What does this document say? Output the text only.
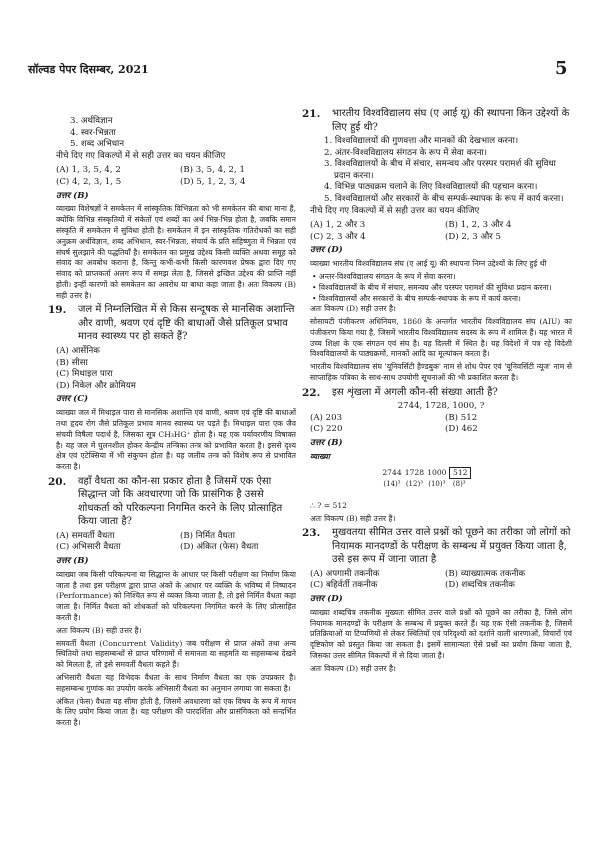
सॉल्वड पेपर दिसम्बर, 2021	5
3. अर्थविज्ञान
4. स्वर-भिन्नता
5. शब्द अभिधान

नीचे दिए गए विकल्पों में से सही उत्तर का चयन कीजिए

(A) 1, 3, 5, 4, 2	(B) 3, 5, 4, 2, 1
(C) 4, 2, 3, 1, 5	(D) 5, 1, 2, 3, 4
उत्तर (B)

व्याख्या विशेषज्ञों ने समकेतन में सांस्कृतिक विभिन्नता को भी समकेतन की बाधा माना है, क्योंकि विभिन्न संस्कृतियों में संकेतों एवं शब्दों का अर्थ भिन्न-भिन्न होता है, जबकि समान संस्कृति में समकेतन में सुविधा होती है। समकेतन में इन सांस्कृतिक गतिरोधकों का सही अनुक्रम अर्थविज्ञान, शब्द अभिधान, स्वर-भिन्नता, संचार्य के प्रति सहिष्णुता में भिन्नता एवं संघर्ष सुलझाने की पद्धतियाँ है। समकेतन का प्रमुख उद्देश्य किसी व्यक्ति अथवा समूह को संवाद का अवबोध कराना है, किन्तु कभी-कभी किसी कारणवश प्रेषक द्वारा दिए गए संवाद को प्राप्तकर्ता अलग रूप में समझ लेता है, जिससे इच्छित उद्देश्य की प्राप्ति नहीं होती। इन्हीं कारणों को समकेतन का अवरोध या बाधा कहा जाता है। अतः विकल्प (B) सही उत्तर है।

19.	जल में निम्नलिखित में से किस सन्दूषक से मानसिक अशान्ति और वाणी, श्रवण एवं दृष्टि की बाधाओं जैसे प्रतिकूल प्रभाव मानव स्वास्थ्य पर हो सकते हैं?
(A) आर्सेनिक
(B) सीसा
(C) मिथाइल पारा
(D) निकेल और क्रोमियम
उत्तर (C)

व्याख्या जल में मिथाइल पारा से मानसिक अशान्ति एवं वाणी, श्रवण एवं दृष्टि की बाधाओं तथा हृदय रोग जैसे प्रतिकूल प्रभाव मानव स्वास्थ्य पर पड़ते हैं। मिथाइल पारा एक जैव संचयी विषैला पदार्थ है, जिसका सूत्र CH₃HG⁺ होता है। यह एक पर्यावरणीय विषाक्त है। यह जल में घुलनशील होकर केन्द्रीय तन्त्रिका तन्त्र को प्रभावित करता है। इससे दृश्य क्षेत्र एवं एटेक्सिया में भी संकुचन होता है। यह जलीय तन्त्र को विशेष रूप से प्रभावित करता है।

20.	वहाँ वैधता का कौन-सा प्रकार होता है जिसमें एक ऐसा सिद्धान्त जो कि अवधारणा जो कि प्रासंगिक है उससे शोधकर्ता को परिकल्पना निगमित करने के लिए प्रोत्साहित किया जाता है?
(A) समवर्ती वैधता	(B) निर्मित वैधता
(C) अभिसारी वैधता	(D) अंकित (फेस) वैधता
उत्तर (B)

व्याख्या जब किसी परिकल्पना या सिद्धान्त के आधार पर किसी परीक्षण का निर्माण किया जाता है तथा इस परीक्षण द्वारा प्राप्त अंकों के आधार पर व्यक्ति के भविष्य में निष्पादन (Performance) को निश्चित रूप से व्यक्त किया जाता है, तो इसे निर्मित वैधता कहा जाता है। निर्मित वैधता को शोधकर्ता को परिकल्पना निगमित करने के लिए प्रोत्साहित करती है।

अतः विकल्प (B) सही उत्तर है।

समवर्ती वैधता (Concurrent Validity) जब परीक्षण से प्राप्त अंकों तथा अन्य स्थितियों तथा सहसम्बन्धों से प्राप्त परिणामों में समानता या सहमति या सहसम्बन्ध देखने को मिलता है, तो इसे समवर्ती वैधता कहते हैं।

अभिसारी वैधता यह विभेदक वैधता के साथ निर्माण वैधता का एक उपप्रकार है। सहसम्बन्ध गुणांक का उपयोग करके अभिसारी वैधता का अनुमान लगाया जा सकता है।

अंकित (फेस) वैधता यह सीमा होती है, जिसमें अवधारणा को एक विषय के रूप में मापन के लिए प्रयोग किया जाता है। यह परीक्षण की पारदर्शिता और प्रासंगिकता को सन्दर्भित करता है।

21.	भारतीय विश्वविद्यालय संघ (ए आई यू) की स्थापना किन उद्देश्यों के लिए हुई थी?
1. विश्वविद्यालयों की गुणवत्ता और मानकों की देखभाल करना।
2. अंतर-विश्वविद्यालय संगठन के रूप में सेवा करना।
3. विश्वविद्यालयों के बीच में संचार, समन्वय और परस्पर परामर्श की सुविधा प्रदान करना।
4. विभिन्न पाठ्यक्रम चलाने के लिए विश्वविद्यालयों की पहचान करना।
5. विश्वविद्यालयों और सरकारों के बीच सम्पर्क-स्थापक के रूप में कार्य करना।

नीचे दिए गए विकल्पों में से सही उत्तर का चयन कीजिए

(A) 1, 2 और 3	(B) 1, 2, 3 और 4
(C) 2, 3 और 4	(D) 2, 3 और 5
उत्तर (D)

व्याख्या भारतीय विश्वविद्यालय संघ (ए आई यू) की स्थापना निम्न उद्देश्यों के लिए हुई थी

• अन्तर-विश्वविद्यालय संगठन के रूप में सेवा करना।
• विश्वविद्यालयों के बीच में संचार, समन्वय और परस्पर परामर्श की सुविधा प्रदान करना।
• विश्वविद्यालयों और सरकारों के बीच सम्पर्क-स्थापक के रूप में कार्य करना।

अतः विकल्प (D) सही उत्तर है।

सोसायटी पंजीकरण अधिनियम, 1860 के अन्तर्गत भारतीय विश्वविद्यालय संघ (AIU) का पंजीकरण किया गया है, जिसमें भारतीय विश्वविद्यालय सदस्य के रूप में शामिल हैं। यह भारत में उच्च शिक्षा के एक संगठन एवं संघ है। यह दिल्ली में स्थित है। यह विदेशों में पत्र रहे विदेशी विश्वविद्यालयों के पाठ्यक्रमों, मानकों आदि का मूल्यांकन करता है।

भारतीय विश्वविद्यालय संघ 'यूनिवर्सिटी हैण्डबुक' नाम से शोध पेपर एवं 'यूनिवर्सिटी न्यूज' नाम से साप्ताहिक पत्रिका के साथ-साथ उपयोगी सूचनाओं की भी प्रकाशित करता है।

22.	इस शृंखला में अगली कौन-सी संख्या आती है?
2744, 1728, 1000, ?
(A) 203	(B) 512
(C) 220	(D) 462
उत्तर (B)
व्याख्या
2744 1728 1000 512
(14)³ (12)³ (10)³ (8)³

∴ ? = 512

अतः विकल्प (B) सही उत्तर है।

23.	मुखवतया सीमित उत्तर वाले प्रश्नों को पूछने का तरीका जो लोगों को नियामक मानदण्डों के परीक्षण के सम्बन्ध में प्रयुक्त किया जाता है, उसे इस रूप में जाना जाता है
(A) अपगामी तकनीक	(B) व्याख्यात्मक तकनीक
(C) बहिर्वर्ती तकनीक	(D) शब्दचित्र तकनीक
उत्तर (D)

व्याख्या शब्दचित्र तकनीक मुख्यतः सीमित उत्तर वाले प्रश्नों को पूछने का तरीका है, जिसे लोग नियामक मानदण्डों के परीक्षण के सम्बन्ध में प्रयुक्त करते हैं। यह एक ऐसी तकनीक है, जिसमें प्रतिक्रियाओं या टिप्पणियों से लेकर स्थितियों एवं परिदृश्यों को दर्शाने वाली धारणाओं, विचारों एवं दृष्टिकोण को प्रस्तुत किया जा सकता है। इसमें सामान्यतः ऐसे प्रश्नों का प्रयोग किया जाता है, जिसका उत्तर सीमित विकल्पों में से दिया जाता है।

अतः विकल्प (D) सही उत्तर है।
